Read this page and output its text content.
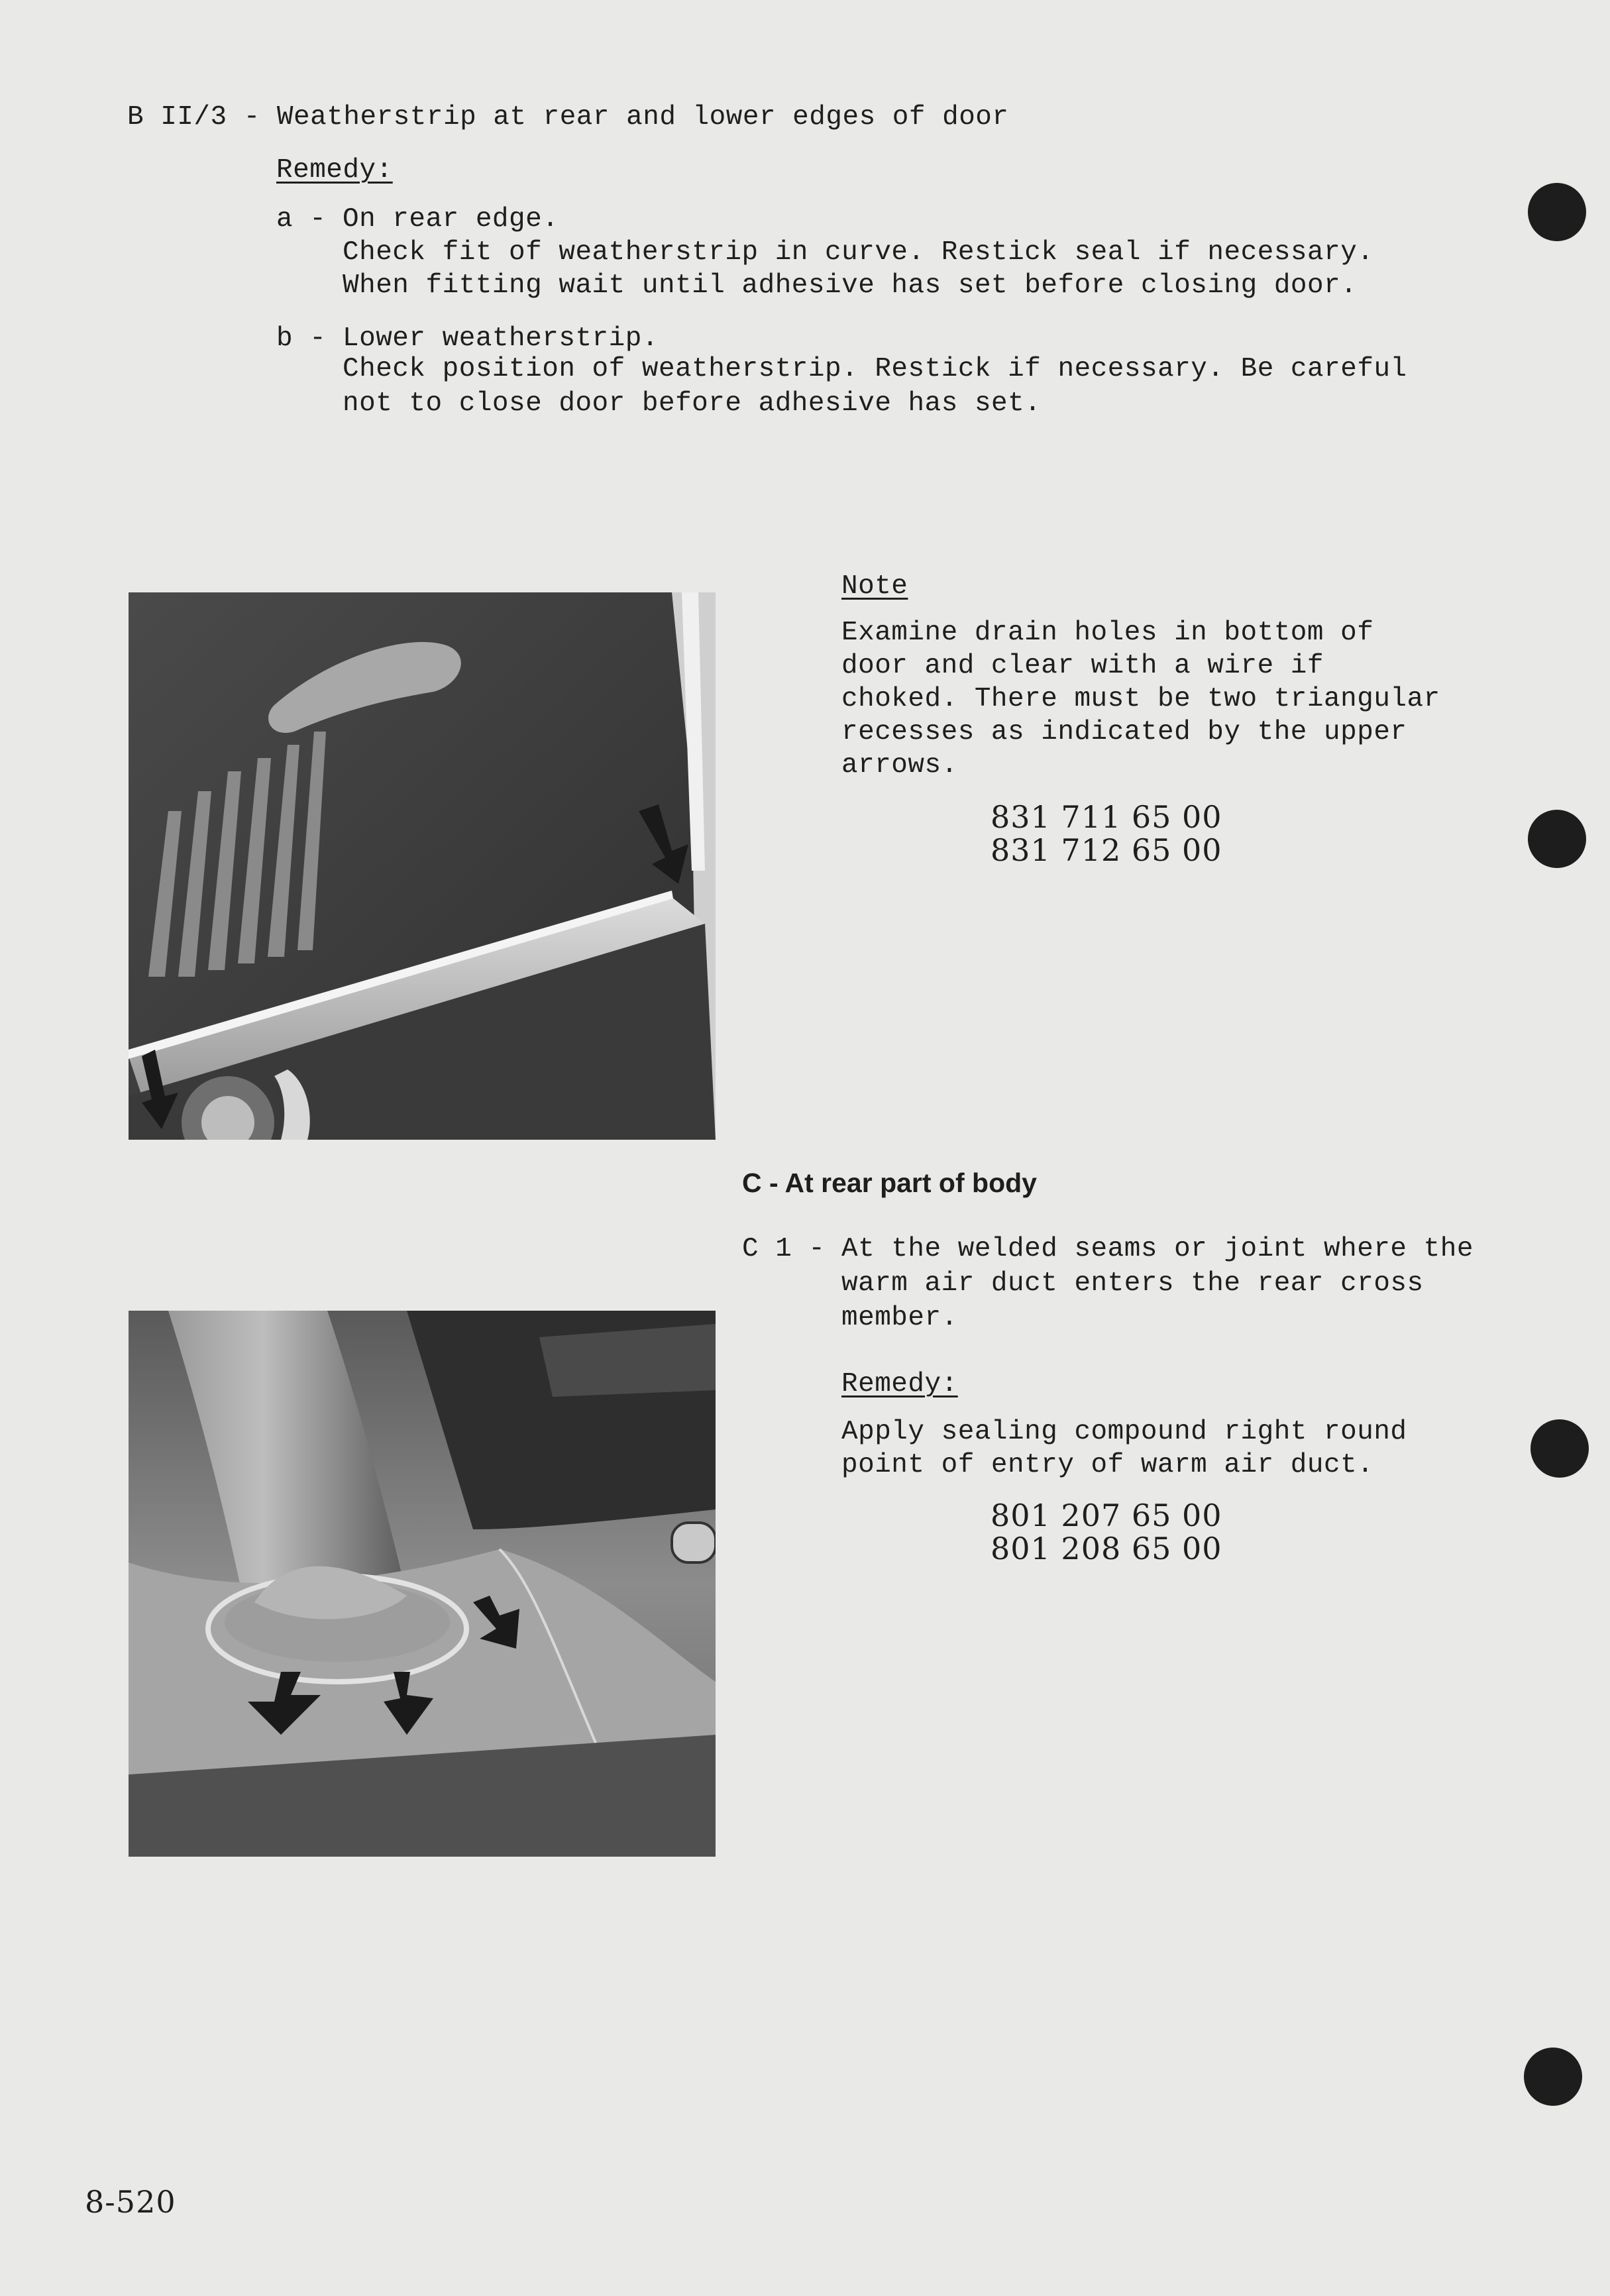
B II/3 - Weatherstrip at rear and lower edges of door
Remedy:
a - On rear edge.
Check fit of weatherstrip in curve. Restick seal if necessary.
When fitting wait until adhesive has set before closing door.
b - Lower weatherstrip.
Check position of weatherstrip. Restick if necessary. Be careful
not to close door before adhesive has set.
Note
Examine drain holes in bottom of
door and clear with a wire if
choked. There must be two triangular
recesses as indicated by the upper
arrows.
831 711 65 00
831 712 65 00
C - At rear part of body
C 1 - At the welded seams or joint where the
warm air duct enters the rear cross
member.
Remedy:
Apply sealing compound right round
point of entry of warm air duct.
801 207 65 00
801 208 65 00
8-520
